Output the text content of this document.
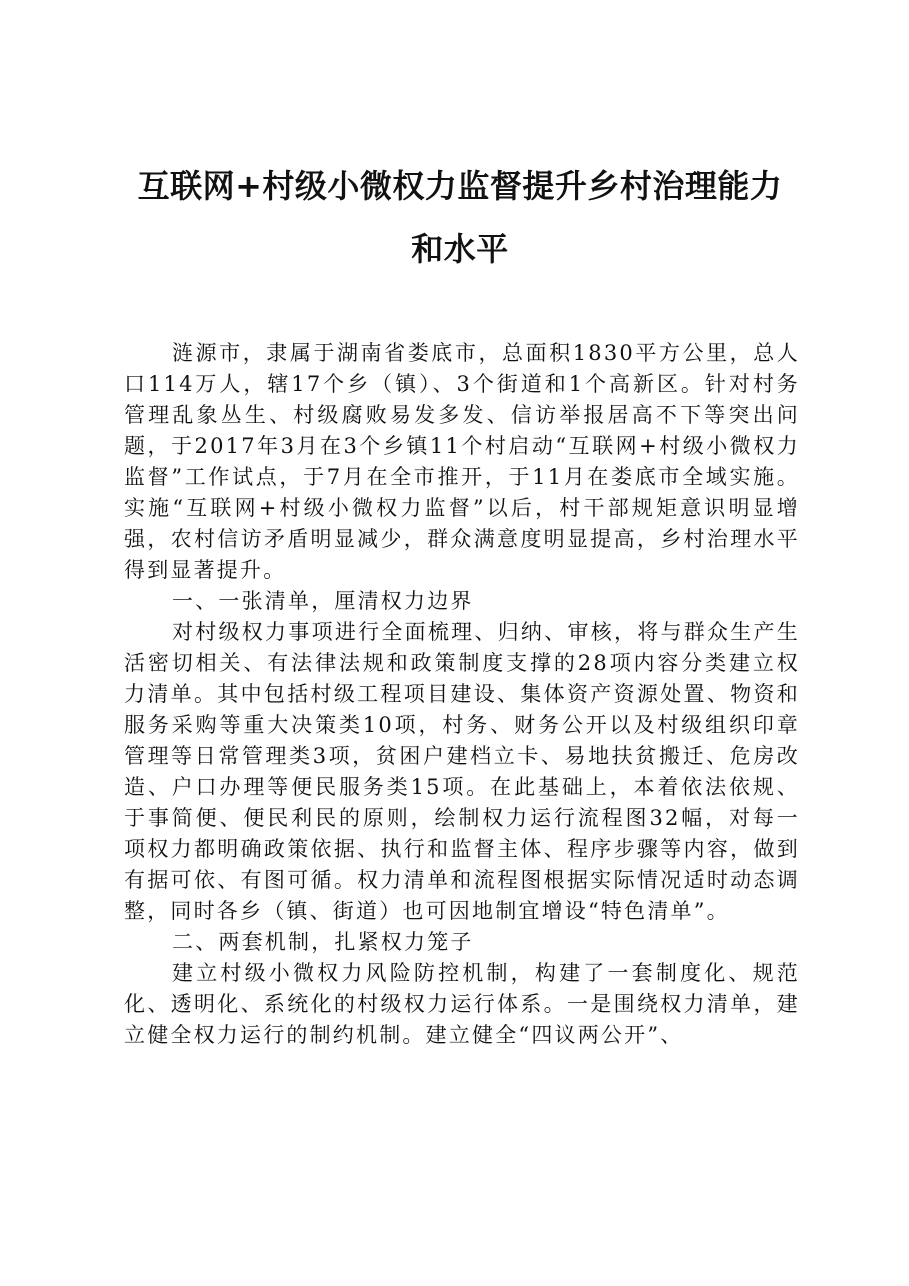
互联网+村级小微权力监督提升乡村治理能力
和水平

涟源市，隶属于湖南省娄底市，总面积1830平方公里，总人口114万人，辖17个乡（镇）、3个街道和1个高新区。针对村务管理乱象丛生、村级腐败易发多发、信访举报居高不下等突出问题，于2017年3月在3个乡镇11个村启动“互联网+村级小微权力监督”工作试点，于7月在全市推开，于11月在娄底市全域实施。实施“互联网+村级小微权力监督”以后，村干部规矩意识明显增强，农村信访矛盾明显减少，群众满意度明显提高，乡村治理水平得到显著提升。

一、一张清单，厘清权力边界

对村级权力事项进行全面梳理、归纳、审核，将与群众生产生活密切相关、有法律法规和政策制度支撑的28项内容分类建立权力清单。其中包括村级工程项目建设、集体资产资源处置、物资和服务采购等重大决策类10项，村务、财务公开以及村级组织印章管理等日常管理类3项，贫困户建档立卡、易地扶贫搬迁、危房改造、户口办理等便民服务类15项。在此基础上，本着依法依规、于事简便、便民利民的原则，绘制权力运行流程图32幅，对每一项权力都明确政策依据、执行和监督主体、程序步骤等内容，做到有据可依、有图可循。权力清单和流程图根据实际情况适时动态调整，同时各乡（镇、街道）也可因地制宜增设“特色清单”。

二、两套机制，扎紧权力笼子

建立村级小微权力风险防控机制，构建了一套制度化、规范化、透明化、系统化的村级权力运行体系。一是围绕权力清单，建立健全权力运行的制约机制。建立健全“四议两公开”、
